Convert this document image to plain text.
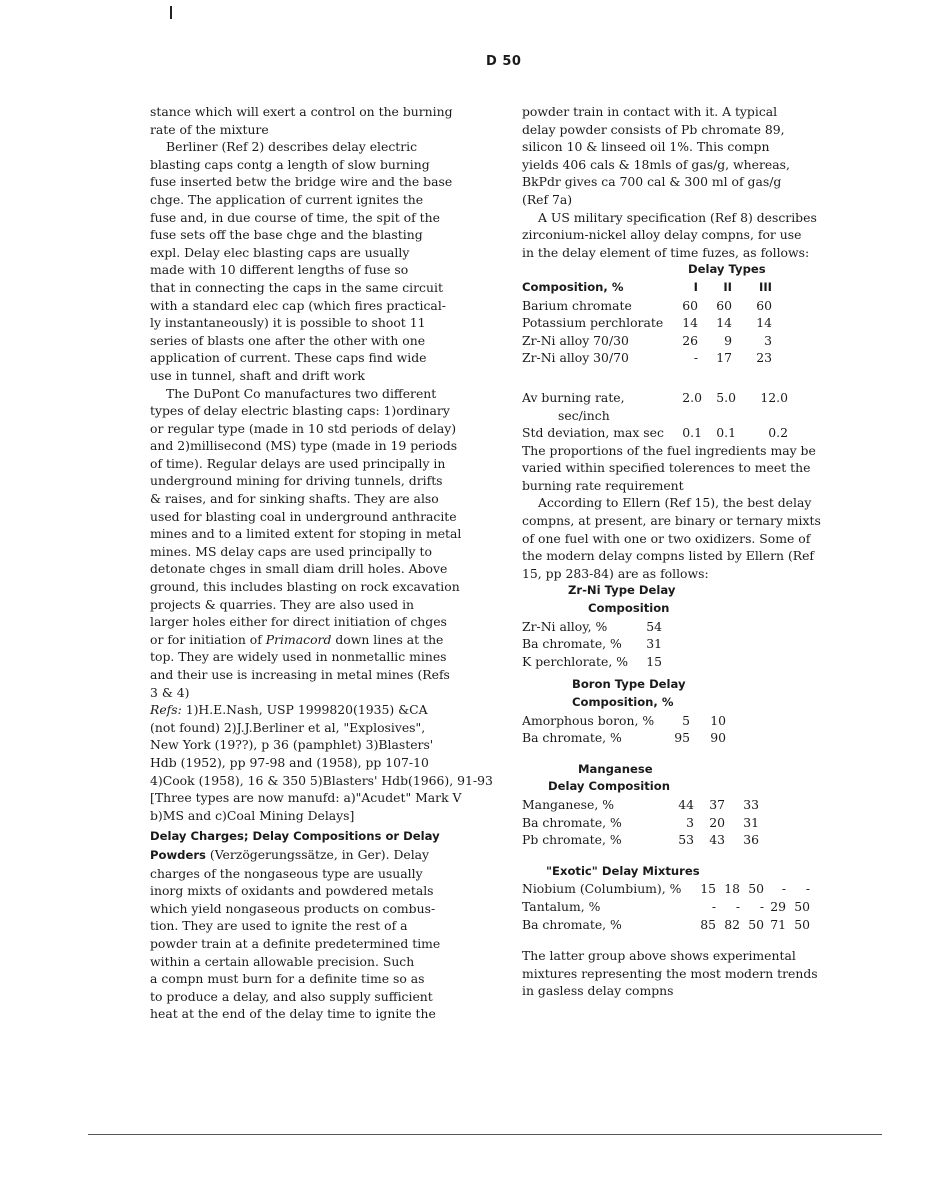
D 50
stance which will exert a control on the burning
rate of the mixture
Berliner (Ref 2) describes delay electric
blasting caps contg a length of slow burning
fuse inserted betw the bridge wire and the base
chge. The application of current ignites the
fuse and, in due course of time, the spit of the
fuse sets off the base chge and the blasting
expl. Delay elec blasting caps are usually
made with 10 different lengths of fuse so
that in connecting the caps in the same circuit
with a standard elec cap (which fires practical-
ly instantaneously) it is possible to shoot 11
series of blasts one after the other with one
application of current. These caps find wide
use in tunnel, shaft and drift work
The DuPont Co manufactures two different
types of delay electric blasting caps: 1)ordinary
or regular type (made in 10 std periods of delay)
and 2)millisecond (MS) type (made in 19 periods
of time). Regular delays are used principally in
underground mining for driving tunnels, drifts
& raises, and for sinking shafts. They are also
used for blasting coal in underground anthracite
mines and to a limited extent for stoping in metal
mines. MS delay caps are used principally to
detonate chges in small diam drill holes. Above
ground, this includes blasting on rock excavation
projects & quarries. They are also used in
larger holes either for direct initiation of chges
or for initiation of Primacord down lines at the
top. They are widely used in nonmetallic mines
and their use is increasing in metal mines (Refs
3 & 4)
Refs: 1)H.E.Nash, USP 1999820(1935) &CA
(not found) 2)J.J.Berliner et al, "Explosives",
New York (19??), p 36 (pamphlet) 3)Blasters'
Hdb (1952), pp 97-98 and (1958), pp 107-10
4)Cook (1958), 16 & 350 5)Blasters' Hdb(1966), 91-93
[Three types are now manufd: a)"Acudet" Mark V
b)MS and c)Coal Mining Delays]
Delay Charges; Delay Compositions or Delay
Powders (Verzögerungssätze, in Ger). Delay
charges of the nongaseous type are usually
inorg mixts of oxidants and powdered metals
which yield nongaseous products on combus-
tion. They are used to ignite the rest of a
powder train at a definite predetermined time
within a certain allowable precision. Such
a compn must burn for a definite time so as
to produce a delay, and also supply sufficient
heat at the end of the delay time to ignite the
powder train in contact with it. A typical
delay powder consists of Pb chromate 89,
silicon 10 & linseed oil 1%. This compn
yields 406 cals & 18mls of gas/g, whereas,
BkPdr gives ca 700 cal & 300 ml of gas/g
(Ref 7a)
A US military specification (Ref 8) describes
zirconium-nickel alloy delay compns, for use
in the delay element of time fuzes, as follows:
Delay Types
Composition, %	I	II	III
Barium chromate	60	60	60
Potassium perchlorate	14	14	14
Zr-Ni alloy 70/30	26	9	3
Zr-Ni alloy 30/70	-	17	23
Av burning rate,	2.0	5.0	12.0
sec/inch			
Std deviation, max sec	0.1	0.1	0.2
The proportions of the fuel ingredients may be
varied within specified tolerences to meet the
burning rate requirement
According to Ellern (Ref 15), the best delay
compns, at present, are binary or ternary mixts
of one fuel with one or two oxidizers. Some of
the modern delay compns listed by Ellern (Ref
15, pp 283-84) are as follows:
Zr-Ni Type Delay
Composition
Zr-Ni alloy, %	54
Ba chromate, %	31
K perchlorate, %	15
Boron Type Delay
Composition, %
Amorphous boron, %	5	10
Ba chromate, %	95	90
Manganese
Delay Composition
Manganese, %	44	37	33
Ba chromate, %	3	20	31
Pb chromate, %	53	43	36
"Exotic" Delay Mixtures
Niobium (Columbium), %	15	18	50	-	-
Tantalum, %	-	-	-	29	50
Ba chromate, %	85	82	50	71	50
The latter group above shows experimental
mixtures representing the most modern trends
in gasless delay compns
